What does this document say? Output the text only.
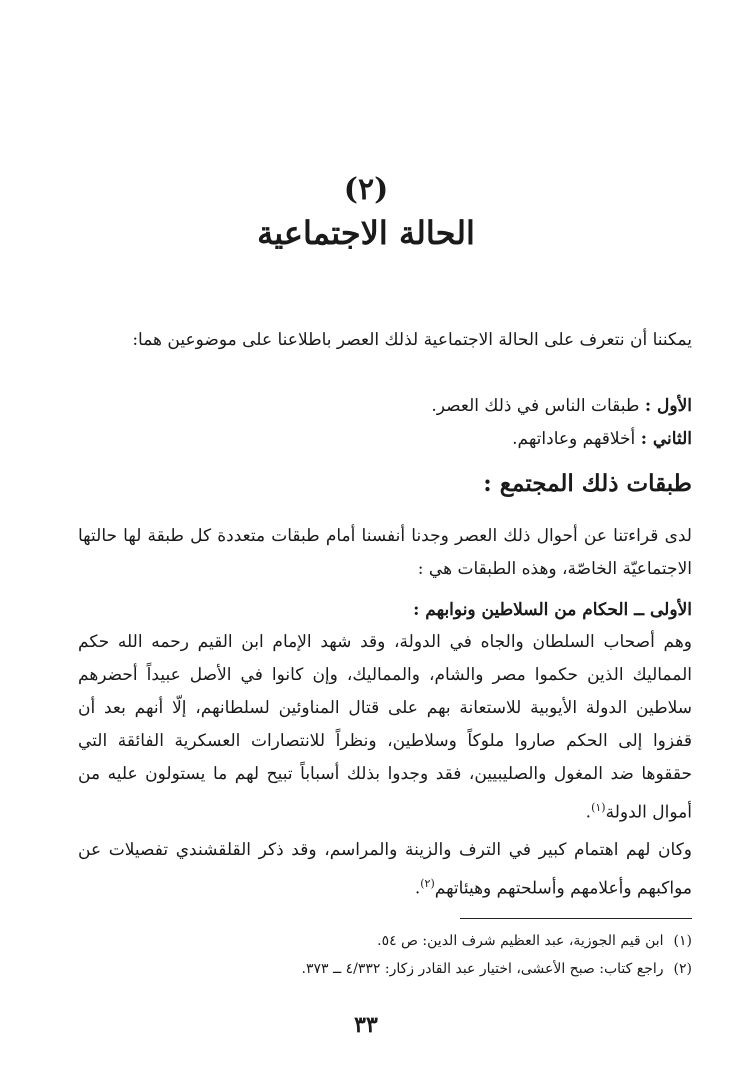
(٢)
الحالة الاجتماعية

يمكننا أن نتعرف على الحالة الاجتماعية لذلك العصر باطلاعنا على موضوعين هما:

الأول : طبقات الناس في ذلك العصر.
الثاني : أخلاقهم وعاداتهم.
طبقات ذلك المجتمع :

لدى قراءتنا عن أحوال ذلك العصر وجدنا أنفسنا أمام طبقات متعددة كل طبقة لها حالتها الاجتماعيّة الخاصّة، وهذه الطبقات هي :

الأولى ــ الحكام من السلاطين ونوابهم :

وهم أصحاب السلطان والجاه في الدولة، وقد شهد الإمام ابن القيم رحمه الله حكم المماليك الذين حكموا مصر والشام، والمماليك، وإن كانوا في الأصل عبيداً أحضرهم سلاطين الدولة الأيوبية للاستعانة بهم على قتال المناوئين لسلطانهم، إلّا أنهم بعد أن قفزوا إلى الحكم صاروا ملوكاً وسلاطين، ونظراً للانتصارات العسكرية الفائقة التي حققوها ضد المغول والصليبيين، فقد وجدوا بذلك أسباباً تبيح لهم ما يستولون عليه من أموال الدولة$^{(١)}$.

وكان لهم اهتمام كبير في الترف والزينة والمراسم، وقد ذكر القلقشندي تفصيلات عن مواكبهم وأعلامهم وأسلحتهم وهيئاتهم$^{(٢)}$.

(١)ابن قيم الجوزية، عبد العظيم شرف الدين: ص ٥٤.
(٢)راجع كتاب: صبح الأعشى، اختيار عبد القادر زكار: ٤/٣٣٢ ــ ٣٧٣.
٣٣
